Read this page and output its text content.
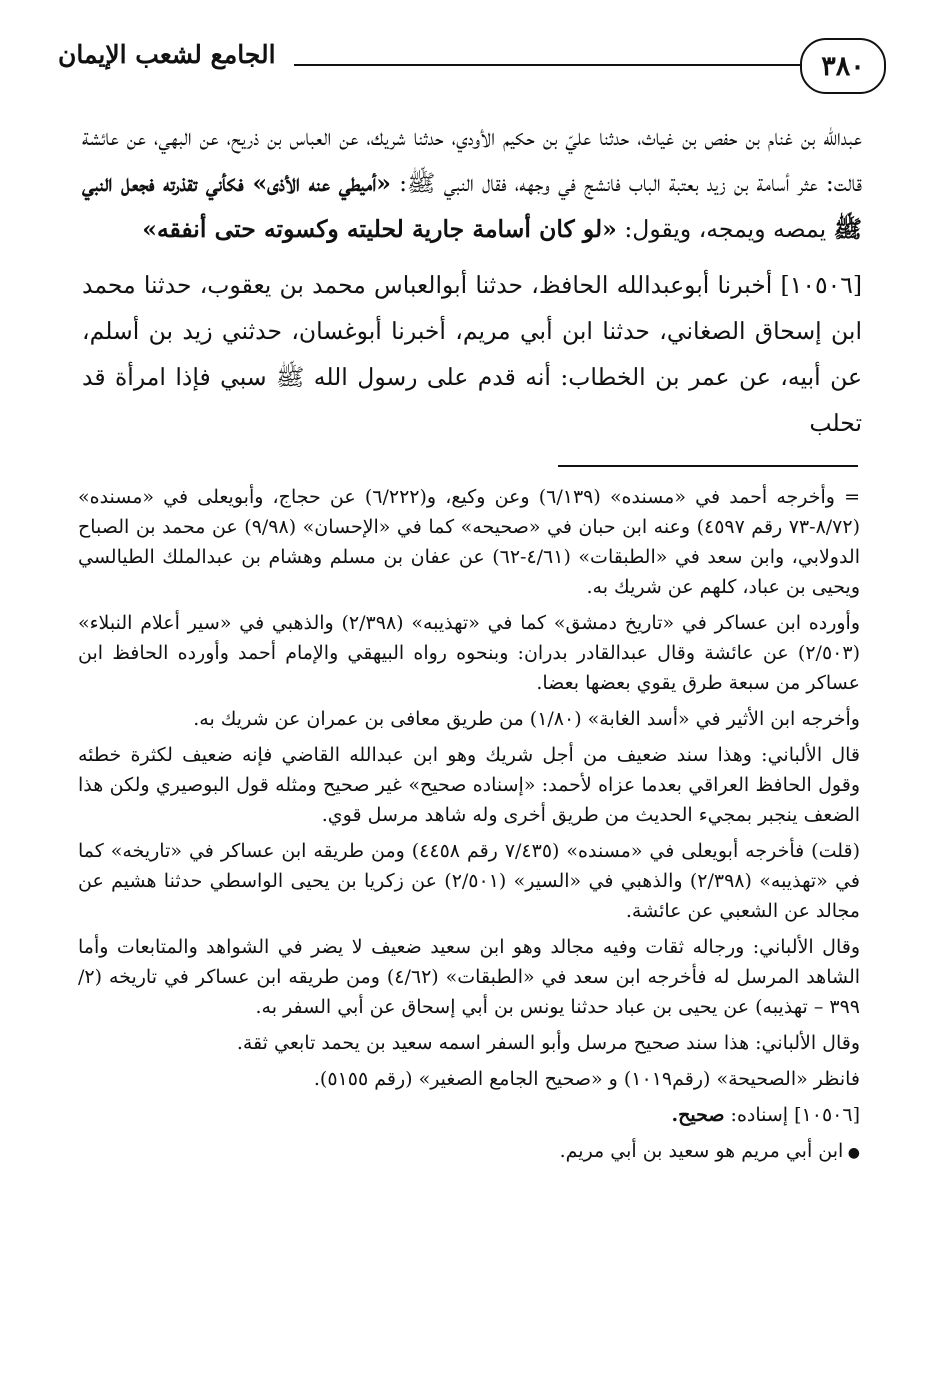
٣٨٠
الجامع لشعب الإيمان

عبدالله بن غنام بن حفص بن غياث، حدثنا عليّ بن حكيم الأودي، حدثنا شريك، عن العباس بن ذريح، عن البهي، عن عائشة قالت: عثر أسامة بن زيد بعتبة الباب فانشج في وجهه، فقال النبي ﷺ: «أميطي عنه الأذى» فكأني تقذرته فجعل النبي ﷺ يمصه ويمجه، ويقول: «لو كان أسامة جارية لحليته وكسوته حتى أنفقه»

[١٠٥٠٦] أخبرنا أبوعبدالله الحافظ، حدثنا أبوالعباس محمد بن يعقوب، حدثنا محمد ابن إسحاق الصغاني، حدثنا ابن أبي مريم، أخبرنا أبوغسان، حدثني زيد بن أسلم، عن أبيه، عن عمر بن الخطاب: أنه قدم على رسول الله ﷺ سبي فإذا امرأة قد تحلب

= وأخرجه أحمد في «مسنده» (٦/١٣٩) وعن وكيع، و(٦/٢٢٢) عن حجاج، وأبويعلى في «مسنده» (٨/٧٢-٧٣ رقم ٤٥٩٧) وعنه ابن حبان في «صحيحه» كما في «الإحسان» (٩/٩٨) عن محمد بن الصباح الدولابي، وابن سعد في «الطبقات» (٤/٦١-٦٢) عن عفان بن مسلم وهشام بن عبدالملك الطيالسي ويحيى بن عباد، كلهم عن شريك به.

وأورده ابن عساكر في «تاريخ دمشق» كما في «تهذيبه» (٢/٣٩٨) والذهبي في «سير أعلام النبلاء» (٢/٥٠٣) عن عائشة وقال عبدالقادر بدران: وبنحوه رواه البيهقي والإمام أحمد وأورده الحافظ ابن عساكر من سبعة طرق يقوي بعضها بعضا.

وأخرجه ابن الأثير في «أسد الغابة» (١/٨٠) من طريق معافى بن عمران عن شريك به.

قال الألباني: وهذا سند ضعيف من أجل شريك وهو ابن عبدالله القاضي فإنه ضعيف لكثرة خطئه وقول الحافظ العراقي بعدما عزاه لأحمد: «إسناده صحيح» غير صحيح ومثله قول البوصيري ولكن هذا الضعف ينجبر بمجيء الحديث من طريق أخرى وله شاهد مرسل قوي.

(قلت) فأخرجه أبويعلى في «مسنده» (٧/٤٣٥ رقم ٤٤٥٨) ومن طريقه ابن عساكر في «تاريخه» كما في «تهذيبه» (٢/٣٩٨) والذهبي في «السير» (٢/٥٠١) عن زكريا بن يحيى الواسطي حدثنا هشيم عن مجالد عن الشعبي عن عائشة.

وقال الألباني: ورجاله ثقات وفيه مجالد وهو ابن سعيد ضعيف لا يضر في الشواهد والمتابعات وأما الشاهد المرسل له فأخرجه ابن سعد في «الطبقات» (٤/٦٢) ومن طريقه ابن عساكر في تاريخه (٢/ ٣٩٩ – تهذيبه) عن يحيى بن عباد حدثنا يونس بن أبي إسحاق عن أبي السفر به.

وقال الألباني: هذا سند صحيح مرسل وأبو السفر اسمه سعيد بن يحمد تابعي ثقة.

فانظر «الصحيحة» (رقم١٠١٩) و «صحيح الجامع الصغير» (رقم ٥١٥٥).

[١٠٥٠٦] إسناده: صحيح.

● ابن أبي مريم هو سعيد بن أبي مريم.
